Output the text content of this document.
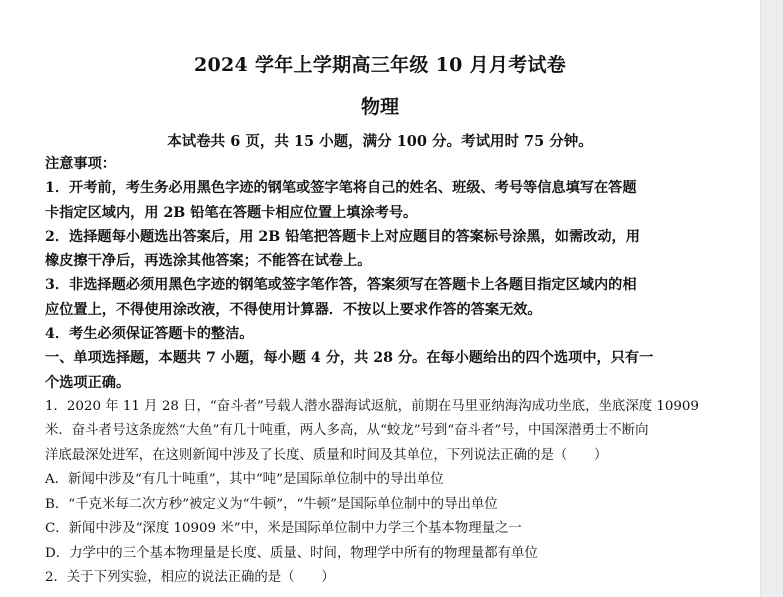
2024 学年上学期高三年级 10 月月考试卷
物理
本试卷共 6 页，共 15 小题，满分 100 分。考试用时 75 分钟。
注意事项：
1．开考前，考生务必用黑色字迹的钢笔或签字笔将自己的姓名、班级、考号等信息填写在答题
卡指定区域内，用 2B 铅笔在答题卡相应位置上填涂考号。
2．选择题每小题选出答案后，用 2B 铅笔把答题卡上对应题目的答案标号涂黑，如需改动，用
橡皮擦干净后，再选涂其他答案；不能答在试卷上。
3．非选择题必须用黑色字迹的钢笔或签字笔作答，答案须写在答题卡上各题目指定区域内的相
应位置上，不得使用涂改液，不得使用计算器．不按以上要求作答的答案无效。
4．考生必须保证答题卡的整洁。
一、单项选择题，本题共 7 小题，每小题 4 分，共 28 分。在每小题给出的四个选项中，只有一
个选项正确。
1．2020 年 11 月 28 日，“奋斗者”号载人潜水器海试返航，前期在马里亚纳海沟成功坐底，坐底深度 10909
米．奋斗者号这条庞然“大鱼”有几十吨重，两人多高，从“蛟龙”号到“奋斗者”号，中国深潜勇士不断向
洋底最深处进军，在这则新闻中涉及了长度、质量和时间及其单位，下列说法正确的是（　　）
A．新闻中涉及“有几十吨重”，其中“吨”是国际单位制中的导出单位
B．“千克米每二次方秒”被定义为“牛顿”，“牛顿”是国际单位制中的导出单位
C．新闻中涉及“深度 10909 米”中，米是国际单位制中力学三个基本物理量之一
D．力学中的三个基本物理量是长度、质量、时间，物理学中所有的物理量都有单位
2．关于下列实验，相应的说法正确的是（　　）
